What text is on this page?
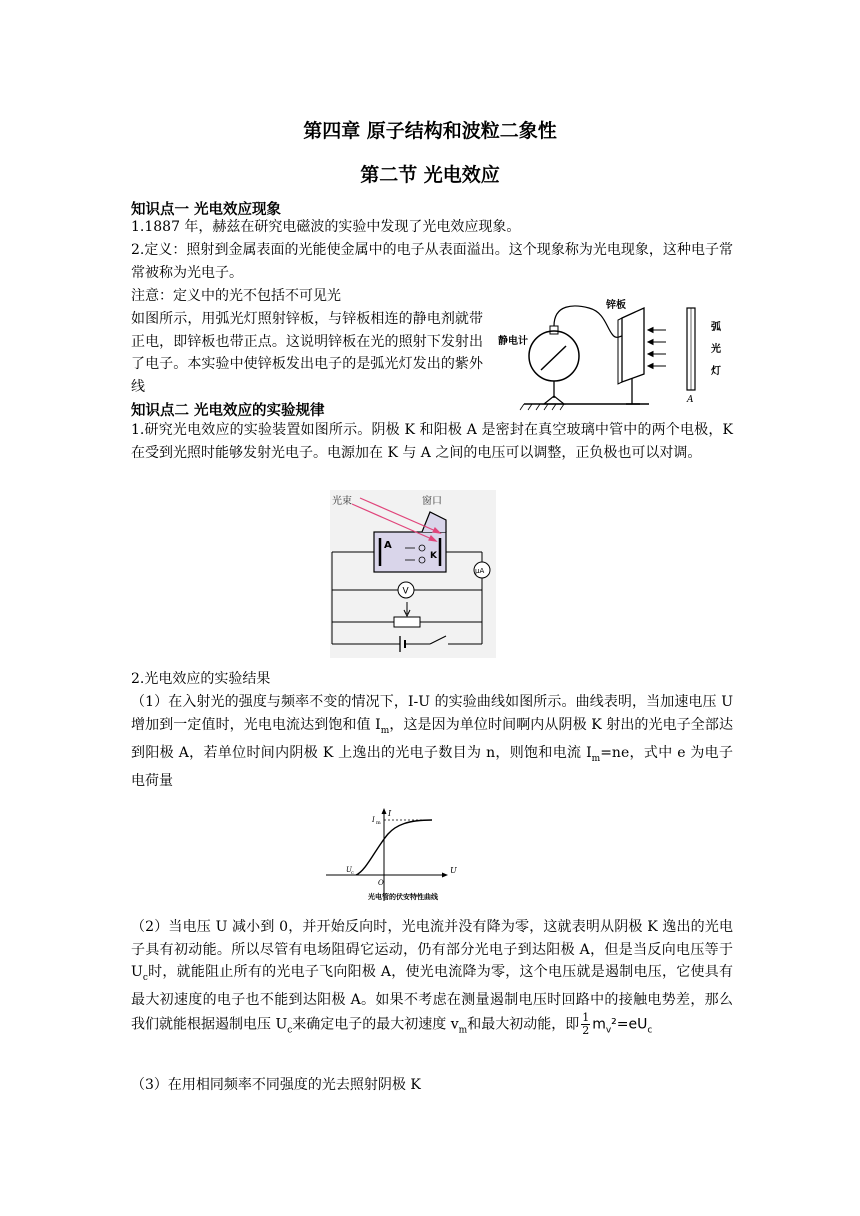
第四章 原子结构和波粒二象性
第二节 光电效应
知识点一 光电效应现象
1.1887 年，赫兹在研究电磁波的实验中发现了光电效应现象。
2.定义：照射到金属表面的光能使金属中的电子从表面溢出。这个现象称为光电现象，这种电子常常被称为光电子。
注意：定义中的光不包括不可见光
如图所示，用弧光灯照射锌板，与锌板相连的静电剂就带正电，即锌板也带正点。这说明锌板在光的照射下发射出了电子。本实验中使锌板发出电子的是弧光灯发出的紫外线
锌板
静电计
弧
光
灯
A
知识点二 光电效应的实验规律
1.研究光电效应的实验装置如图所示。阴极 K 和阳极 A 是密封在真空玻璃中管中的两个电极，K 在受到光照时能够发射光电子。电源加在 K 与 A 之间的电压可以调整，正负极也可以对调。
光束	窗口
A
K
V
μA
2.光电效应的实验结果
（1）在入射光的强度与频率不变的情况下，I-U 的实验曲线如图所示。曲线表明，当加速电压 U 增加到一定值时，光电电流达到饱和值 $I_m$，这是因为单位时间啊内从阴极 K 射出的光电子全部达到阳极 A，若单位时间内阴极 K 上逸出的光电子数目为 n，则饱和电流 $I_m=ne$，式中 e 为电子电荷量
I
U
I m
U c
O
光电管的伏安特性曲线
（2）当电压 U 减小到 0，并开始反向时，光电流并没有降为零，这就表明从阴极 K 逸出的光电子具有初动能。所以尽管有电场阻碍它运动，仍有部分光电子到达阳极 A，但是当反向电压等于 $U_c$时，就能阻止所有的光电子飞向阳极 A，使光电流降为零，这个电压就是遏制电压，它使具有最大初速度的电子也不能到达阳极 A。如果不考虑在测量遏制电压时回路中的接触电势差，那么我们就能根据遏制电压 $U_c$来确定电子的最大初速度 $v_m$和最大初动能，即 $\frac{1}{2} m_v^2=eU_c$
（3）在用相同频率不同强度的光去照射阴极 K
